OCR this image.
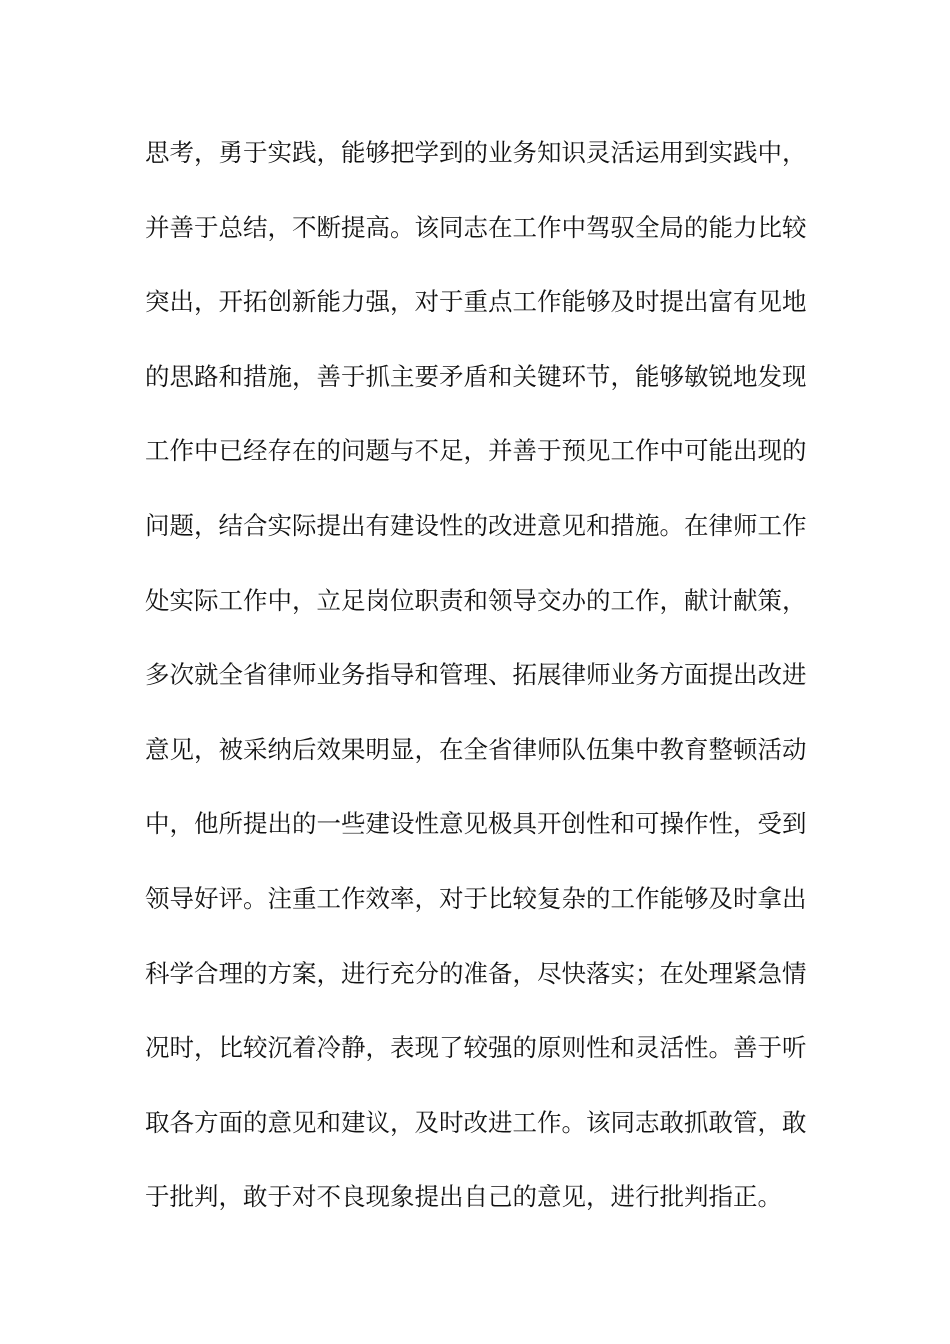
思考，勇于实践，能够把学到的业务知识灵活运用到实践中，
并善于总结，不断提高。该同志在工作中驾驭全局的能力比较
突出，开拓创新能力强，对于重点工作能够及时提出富有见地
的思路和措施，善于抓主要矛盾和关键环节，能够敏锐地发现
工作中已经存在的问题与不足，并善于预见工作中可能出现的
问题，结合实际提出有建设性的改进意见和措施。在律师工作
处实际工作中，立足岗位职责和领导交办的工作，献计献策，
多次就全省律师业务指导和管理、拓展律师业务方面提出改进
意见，被采纳后效果明显，在全省律师队伍集中教育整顿活动
中，他所提出的一些建设性意见极具开创性和可操作性，受到
领导好评。注重工作效率，对于比较复杂的工作能够及时拿出
科学合理的方案，进行充分的准备，尽快落实；在处理紧急情
况时，比较沉着冷静，表现了较强的原则性和灵活性。善于听
取各方面的意见和建议，及时改进工作。该同志敢抓敢管，敢
于批判，敢于对不良现象提出自己的意见，进行批判指正。
